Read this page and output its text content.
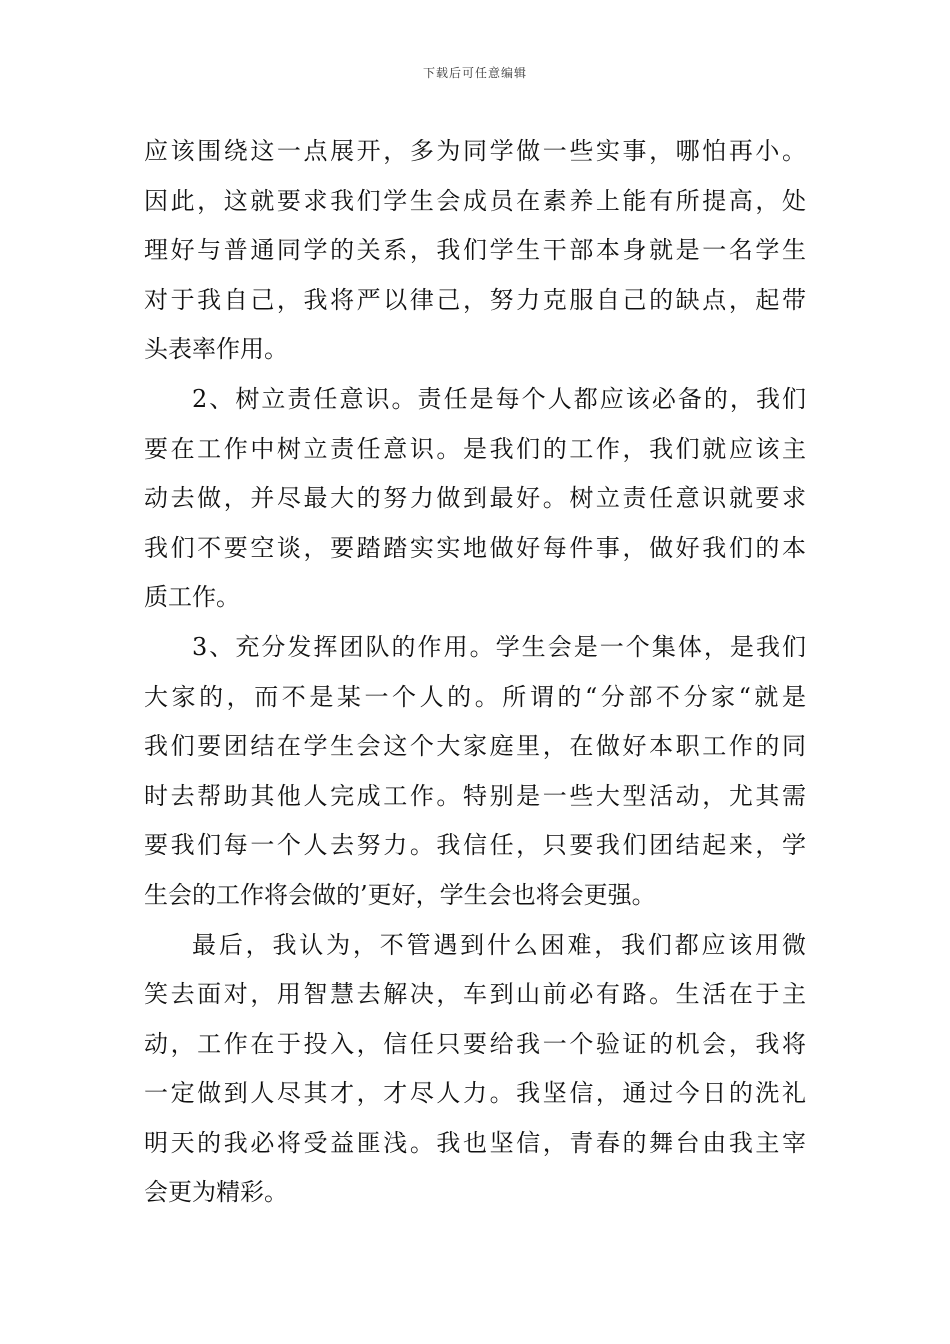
下载后可任意编辑
应该围绕这一点展开，多为同学做一些实事，哪怕再小。
因此，这就要求我们学生会成员在素养上能有所提高，处
理好与普通同学的关系，我们学生干部本身就是一名学生
对于我自己，我将严以律己，努力克服自己的缺点，起带
头表率作用。
2、树立责任意识。责任是每个人都应该必备的，我们
要在工作中树立责任意识。是我们的工作，我们就应该主
动去做，并尽最大的努力做到最好。树立责任意识就要求
我们不要空谈，要踏踏实实地做好每件事，做好我们的本
质工作。
3、充分发挥团队的作用。学生会是一个集体，是我们
大家的，而不是某一个人的。所谓的“分部不分家“就是
我们要团结在学生会这个大家庭里，在做好本职工作的同
时去帮助其他人完成工作。特别是一些大型活动，尤其需
要我们每一个人去努力。我信任，只要我们团结起来，学
生会的工作将会做的’更好，学生会也将会更强。
最后，我认为，不管遇到什么困难，我们都应该用微
笑去面对，用智慧去解决，车到山前必有路。生活在于主
动，工作在于投入，信任只要给我一个验证的机会，我将
一定做到人尽其才，才尽人力。我坚信，通过今日的洗礼
明天的我必将受益匪浅。我也坚信，青春的舞台由我主宰
会更为精彩。
